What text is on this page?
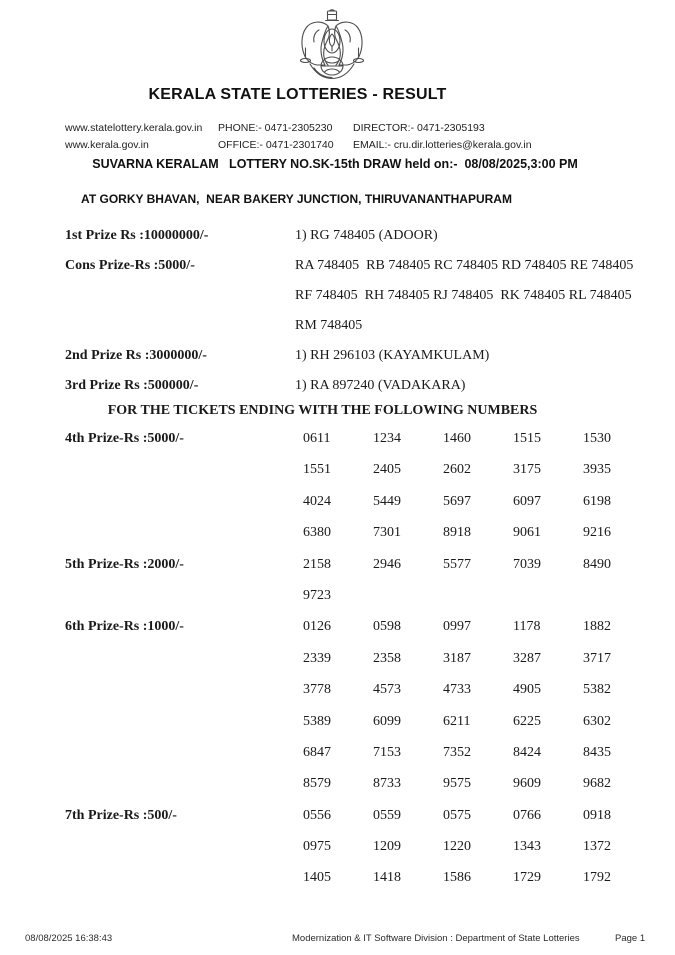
KERALA STATE LOTTERIES - RESULT
www.statelottery.kerala.gov.in PHONE:- 0471-2305230 DIRECTOR:- 0471-2305193
www.kerala.gov.in	OFFICE:- 0471-2301740 EMAIL:- cru.dir.lotteries@kerala.gov.in
SUVARNA KERALAM   LOTTERY NO.SK-15th DRAW held on:-  08/08/2025,3:00 PM
AT GORKY BHAVAN,  NEAR BAKERY JUNCTION, THIRUVANANTHAPURAM
1st Prize Rs :10000000/-	1) RG 748405 (ADOOR)
Cons Prize-Rs :5000/-	RA 748405  RB 748405 RC 748405 RD 748405 RE 748405
RF 748405  RH 748405 RJ 748405  RK 748405 RL 748405
RM 748405
2nd Prize Rs :3000000/-	1) RH 296103 (KAYAMKULAM)
3rd Prize Rs :500000/-	1) RA 897240 (VADAKARA)
FOR THE TICKETS ENDING WITH THE FOLLOWING NUMBERS
4th Prize-Rs :5000/-	0611	1234	1460	1515	1530
1551	2405	2602	3175	3935
4024	5449	5697	6097	6198
6380	7301	8918	9061	9216
5th Prize-Rs :2000/-	2158	2946	5577	7039	8490
9723
6th Prize-Rs :1000/-	0126	0598	0997	1178	1882
2339	2358	3187	3287	3717
3778	4573	4733	4905	5382
5389	6099	6211	6225	6302
6847	7153	7352	8424	8435
8579	8733	9575	9609	9682
7th Prize-Rs :500/-	0556	0559	0575	0766	0918
0975	1209	1220	1343	1372
1405	1418	1586	1729	1792
08/08/2025 16:38:43	Modernization & IT Software Division : Department of State Lotteries	Page 1
